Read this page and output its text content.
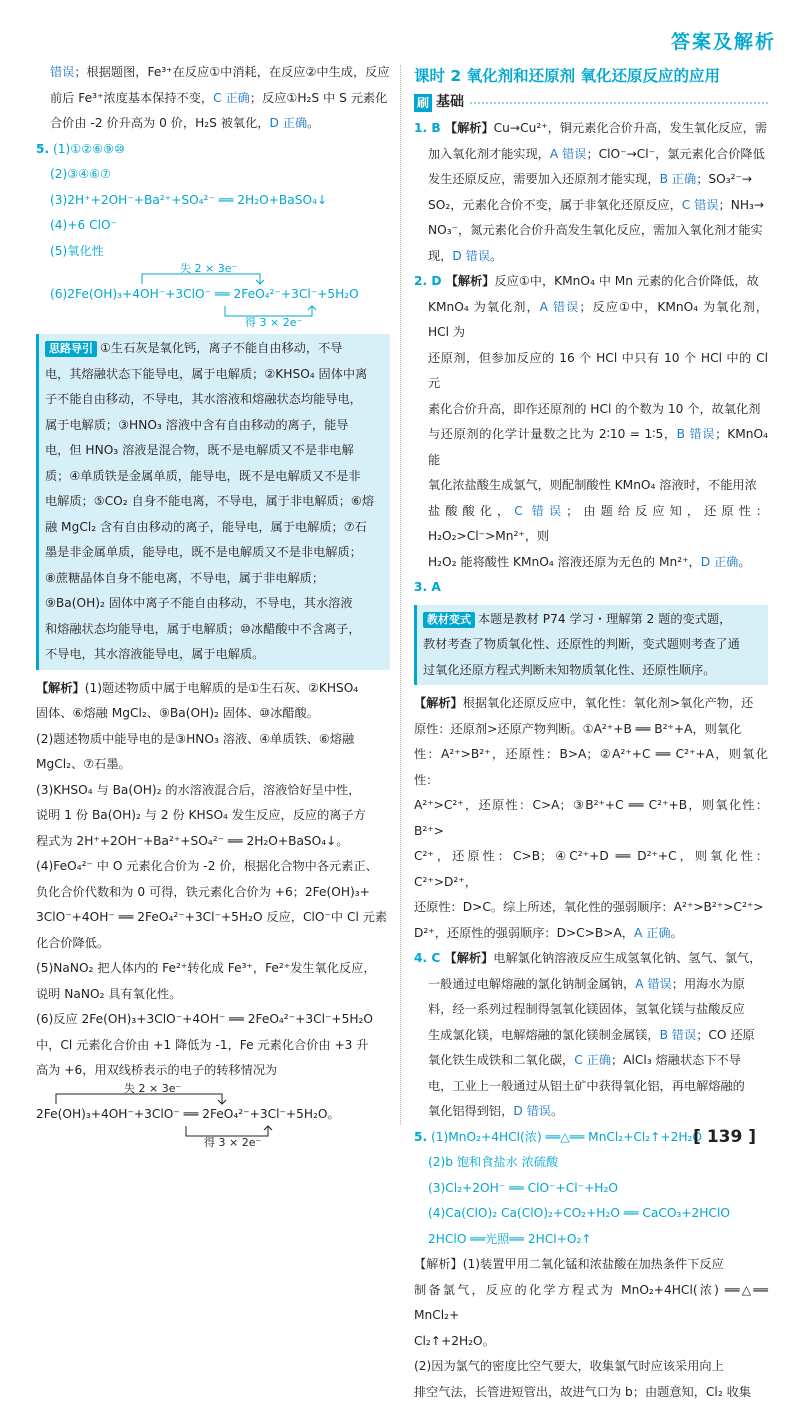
答案及解析

错误；根据题图，Fe³⁺在反应①中消耗，在反应②中生成，反应

前后 Fe³⁺浓度基本保持不变，C 正确；反应①H₂S 中 S 元素化

合价由 -2 价升高为 0 价，H₂S 被氧化，D 正确。

5. (1)①②⑥⑨⑩

(2)③④⑥⑦

(3)2H⁺+2OH⁻+Ba²⁺+SO₄²⁻ ══ 2H₂O+BaSO₄↓

(4)+6 ClO⁻

(5)氧化性

失 2 × 3e⁻
(6)2Fe(OH)₃+4OH⁻+3ClO⁻ ══ 2FeO₄²⁻+3Cl⁻+5H₂O
得 3 × 2e⁻

思路导引 ①生石灰是氧化钙，离子不能自由移动，不导

电，其熔融状态下能导电，属于电解质；②KHSO₄ 固体中离

子不能自由移动，不导电，其水溶液和熔融状态均能导电，

属于电解质；③HNO₃ 溶液中含有自由移动的离子，能导

电，但 HNO₃ 溶液是混合物，既不是电解质又不是非电解

质；④单质铁是金属单质，能导电，既不是电解质又不是非

电解质；⑤CO₂ 自身不能电离，不导电，属于非电解质；⑥熔

融 MgCl₂ 含有自由移动的离子，能导电，属于电解质；⑦石

墨是非金属单质，能导电，既不是电解质又不是非电解质；

⑧蔗糖晶体自身不能电离，不导电，属于非电解质；

⑨Ba(OH)₂ 固体中离子不能自由移动，不导电，其水溶液

和熔融状态均能导电，属于电解质；⑩冰醋酸中不含离子，

不导电，其水溶液能导电，属于电解质。

【解析】(1)题述物质中属于电解质的是①生石灰、②KHSO₄

固体、⑥熔融 MgCl₂、⑨Ba(OH)₂ 固体、⑩冰醋酸。

(2)题述物质中能导电的是③HNO₃ 溶液、④单质铁、⑥熔融

MgCl₂、⑦石墨。

(3)KHSO₄ 与 Ba(OH)₂ 的水溶液混合后，溶液恰好呈中性，

说明 1 份 Ba(OH)₂ 与 2 份 KHSO₄ 发生反应，反应的离子方

程式为 2H⁺+2OH⁻+Ba²⁺+SO₄²⁻ ══ 2H₂O+BaSO₄↓。

(4)FeO₄²⁻ 中 O 元素化合价为 -2 价，根据化合物中各元素正、

负化合价代数和为 0 可得，铁元素化合价为 +6；2Fe(OH)₃+

3ClO⁻+4OH⁻ ══ 2FeO₄²⁻+3Cl⁻+5H₂O 反应，ClO⁻中 Cl 元素

化合价降低。

(5)NaNO₂ 把人体内的 Fe²⁺转化成 Fe³⁺，Fe²⁺发生氧化反应，

说明 NaNO₂ 具有氧化性。

(6)反应 2Fe(OH)₃+3ClO⁻+4OH⁻ ══ 2FeO₄²⁻+3Cl⁻+5H₂O

中，Cl 元素化合价由 +1 降低为 -1，Fe 元素化合价由 +3 升

高为 +6，用双线桥表示的电子的转移情况为

失 2 × 3e⁻
2Fe(OH)₃+4OH⁻+3ClO⁻ ══ 2FeO₄²⁻+3Cl⁻+5H₂O。
得 3 × 2e⁻
课时 2 氧化剂和还原剂 氧化还原反应的应用
刷 基础

1. B 【解析】Cu→Cu²⁺，铜元素化合价升高，发生氧化反应，需

加入氧化剂才能实现，A 错误；ClO⁻→Cl⁻，氯元素化合价降低

发生还原反应，需要加入还原剂才能实现，B 正确；SO₃²⁻→

SO₂，元素化合价不变，属于非氧化还原反应，C 错误；NH₃→

NO₃⁻，氮元素化合价升高发生氧化反应，需加入氧化剂才能实

现，D 错误。

2. D 【解析】反应①中，KMnO₄ 中 Mn 元素的化合价降低，故

KMnO₄ 为氧化剂，A 错误；反应①中，KMnO₄ 为氧化剂，HCl 为

还原剂，但参加反应的 16 个 HCl 中只有 10 个 HCl 中的 Cl 元

素化合价升高，即作还原剂的 HCl 的个数为 10 个，故氧化剂

与还原剂的化学计量数之比为 2∶10 = 1∶5，B 错误；KMnO₄ 能

氧化浓盐酸生成氯气，则配制酸性 KMnO₄ 溶液时，不能用浓

盐酸酸化，C 错误；由题给反应知，还原性：H₂O₂>Cl⁻>Mn²⁺，则

H₂O₂ 能将酸性 KMnO₄ 溶液还原为无色的 Mn²⁺，D 正确。

3. A

教材变式 本题是教材 P74 学习・理解第 2 题的变式题，

教材考查了物质氧化性、还原性的判断，变式题则考查了通

过氧化还原方程式判断未知物质氧化性、还原性顺序。

【解析】根据氧化还原反应中，氧化性：氧化剂>氧化产物，还

原性：还原剂>还原产物判断。①A²⁺+B ══ B²⁺+A，则氧化

性：A²⁺>B²⁺，还原性：B>A；②A²⁺+C ══ C²⁺+A，则氧化性：

A²⁺>C²⁺，还原性：C>A；③B²⁺+C ══ C²⁺+B，则氧化性：B²⁺>

C²⁺，还原性：C>B；④C²⁺+D ══ D²⁺+C，则氧化性：C²⁺>D²⁺，

还原性：D>C。综上所述，氧化性的强弱顺序：A²⁺>B²⁺>C²⁺>

D²⁺，还原性的强弱顺序：D>C>B>A，A 正确。

4. C 【解析】电解氯化钠溶液反应生成氢氧化钠、氢气、氯气，

一般通过电解熔融的氯化钠制金属钠，A 错误；用海水为原

料，经一系列过程制得氢氧化镁固体，氢氧化镁与盐酸反应

生成氯化镁，电解熔融的氯化镁制金属镁，B 错误；CO 还原

氧化铁生成铁和二氧化碳，C 正确；AlCl₃ 熔融状态下不导

电，工业上一般通过从铝土矿中获得氧化铝，再电解熔融的

氧化铝得到铝，D 错误。

5. (1)MnO₂+4HCl(浓) ══△══ MnCl₂+Cl₂↑+2H₂O

(2)b 饱和食盐水 浓硫酸

(3)Cl₂+2OH⁻ ══ ClO⁻+Cl⁻+H₂O

(4)Ca(ClO)₂ Ca(ClO)₂+CO₂+H₂O ══ CaCO₃+2HClO

2HClO ══光照══ 2HCl+O₂↑

【解析】(1)装置甲用二氧化锰和浓盐酸在加热条件下反应

制备氯气，反应的化学方程式为 MnO₂+4HCl(浓) ══△══ MnCl₂+

Cl₂↑+2H₂O。

(2)因为氯气的密度比空气要大，收集氯气时应该采用向上

排空气法，长管进短管出，故进气口为 b；由题意知，Cl₂ 收集

[ 139 ]
